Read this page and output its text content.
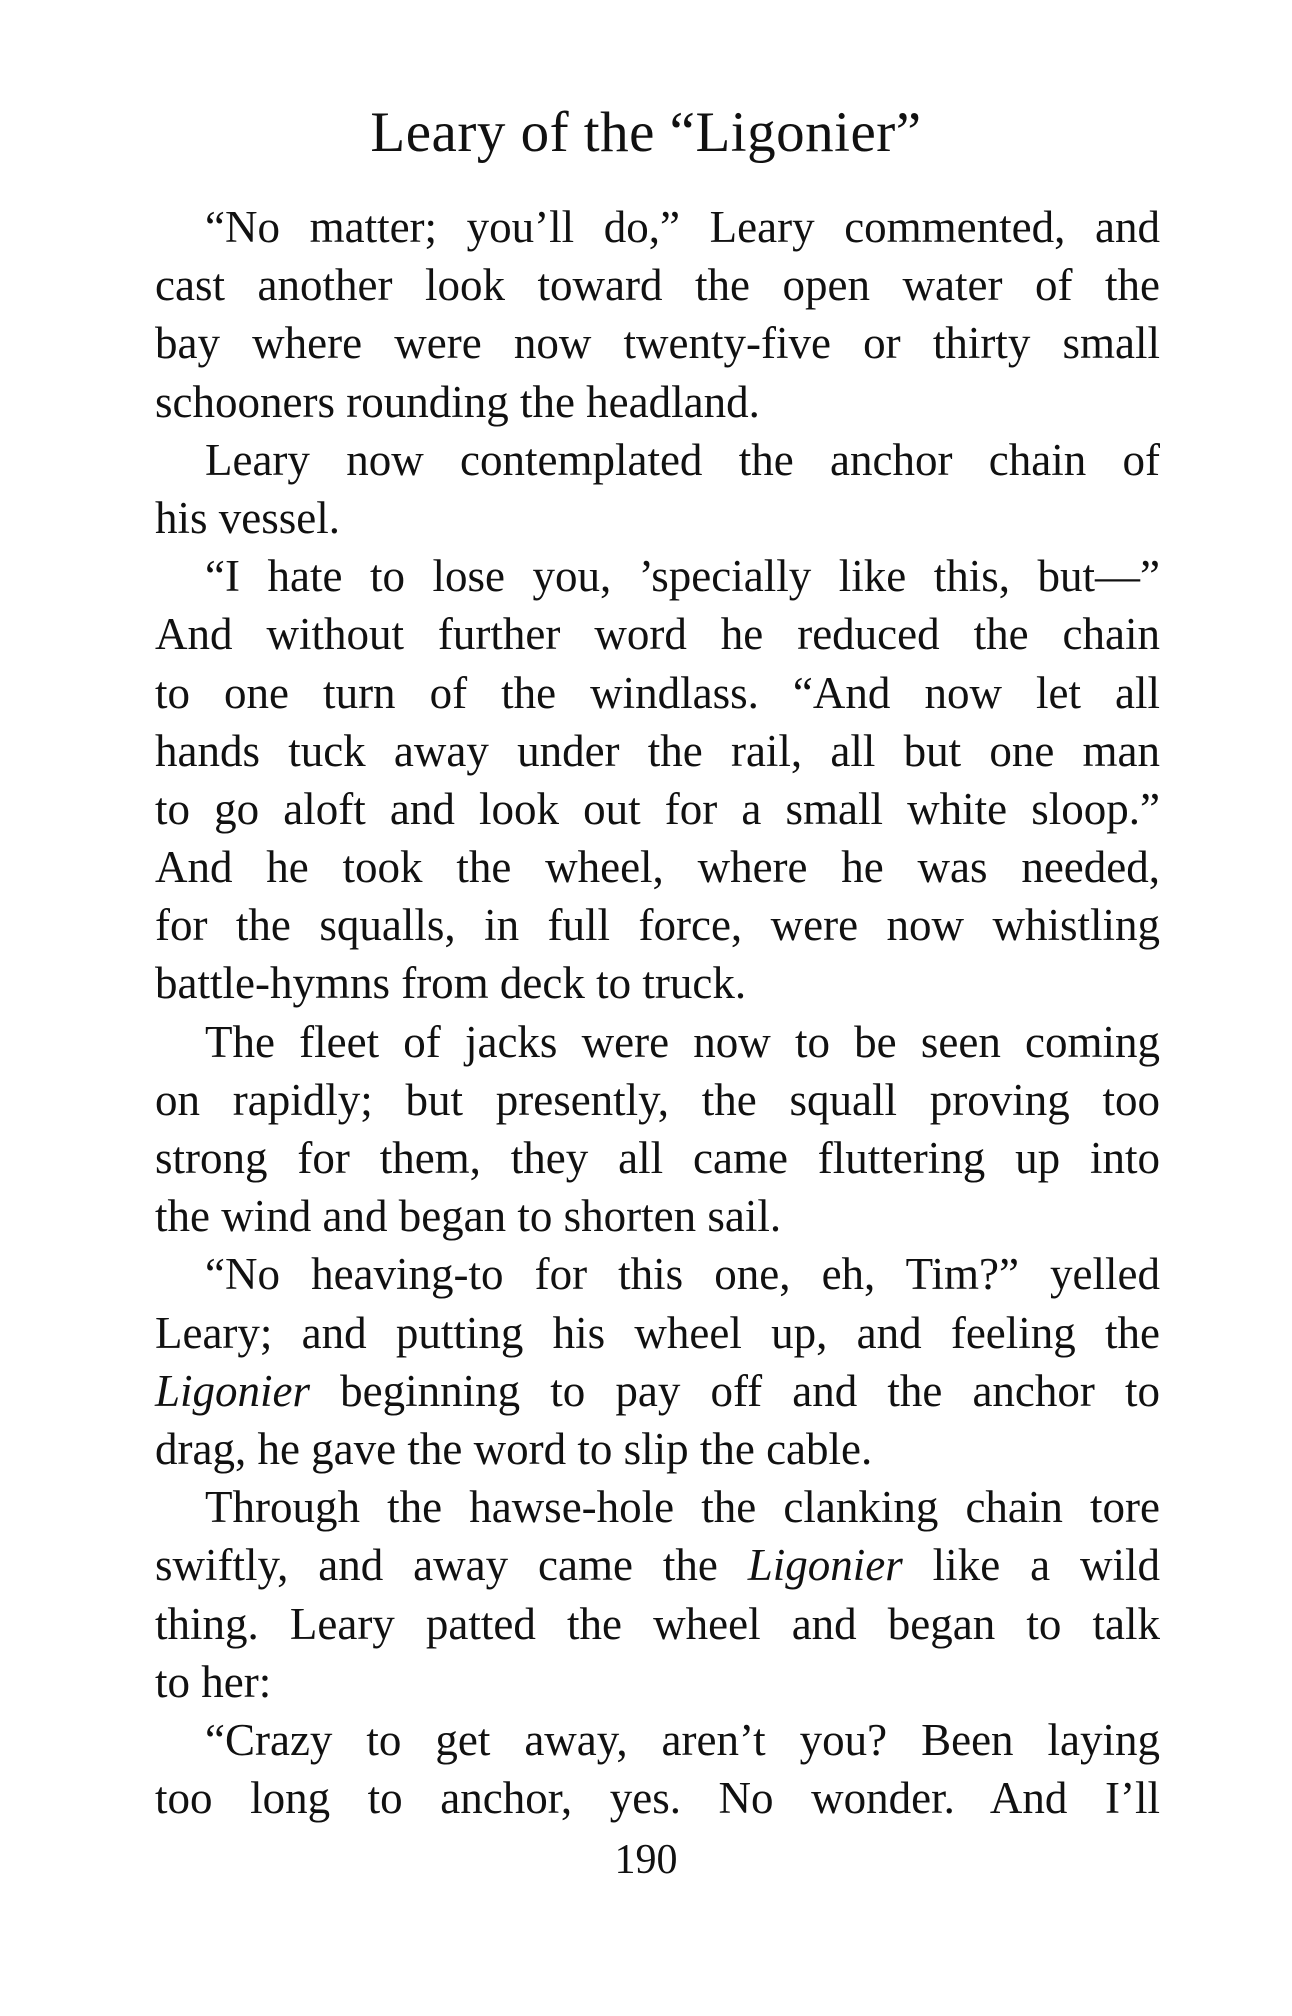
Leary of the “Ligonier”
“No matter; you’ll do,” Leary commented, and
cast another look toward the open water of the
bay where were now twenty-five or thirty small
schooners rounding the headland.
Leary now contemplated the anchor chain of
his vessel.
“I hate to lose you, ’specially like this, but—”
And without further word he reduced the chain
to one turn of the windlass. “And now let all
hands tuck away under the rail, all but one man
to go aloft and look out for a small white sloop.”
And he took the wheel, where he was needed,
for the squalls, in full force, were now whistling
battle-hymns from deck to truck.
The fleet of jacks were now to be seen coming
on rapidly; but presently, the squall proving too
strong for them, they all came fluttering up into
the wind and began to shorten sail.
“No heaving-to for this one, eh, Tim?” yelled
Leary; and putting his wheel up, and feeling the
Ligonier beginning to pay off and the anchor to
drag, he gave the word to slip the cable.
Through the hawse-hole the clanking chain tore
swiftly, and away came the Ligonier like a wild
thing. Leary patted the wheel and began to talk
to her:
“Crazy to get away, aren’t you? Been laying
too long to anchor, yes. No wonder. And I’ll
190
